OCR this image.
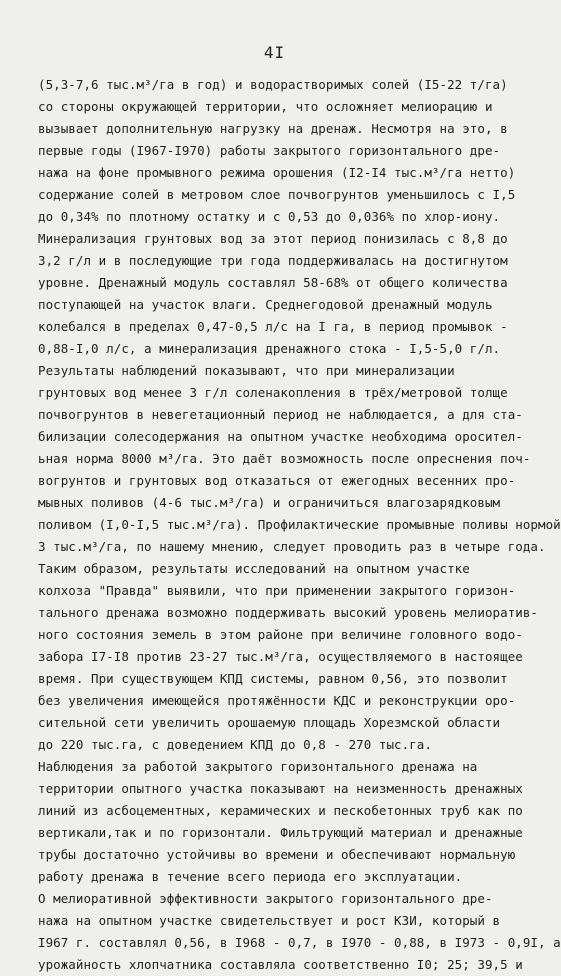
4I
(5,3-7,6 тыс.м³/га в год) и водорастворимых солей (I5-22 т/га)
со стороны окружающей территории, что осложняет мелиорацию и
вызывает дополнительную нагрузку на дренаж. Несмотря на это, в
первые годы (I967-I970) работы закрытого горизонтального дре-
нажа на фоне промывного режима орошения (I2-I4 тыс.м³/га нетто)
содержание солей в метровом слое почвогрунтов уменьшилось с I,5
до 0,34% по плотному остатку и с 0,53 до 0,036% по хлор-иону.
Минерализация грунтовых вод за этот период понизилась с 8,8 до
3,2 г/л и в последующие три года поддерживалась на достигнутом
уровне. Дренажный модуль составлял 58-68% от общего количества
поступающей на участок влаги. Среднегодовой дренажный модуль
колебался в пределах 0,47-0,5 л/с на I га, в период промывок -
0,88-I,0 л/с, а минерализация дренажного стока - I,5-5,0 г/л.
Результаты наблюдений показывают, что при минерализации
грунтовых вод менее 3 г/л соленакопления в трёх/метровой толще
почвогрунтов в невегетационный период не наблюдается, а для ста-
билизации солесодержания на опытном участке необходима оросител-
ьная норма 8000 м³/га. Это даёт возможность после опреснения поч-
вогрунтов и грунтовых вод отказаться от ежегодных весенних про-
мывных поливов (4-6 тыс.м³/га) и ограничиться влагозарядковым
поливом (I,0-I,5 тыс.м³/га). Профилактические промывные поливы нормой
3 тыс.м³/га, по нашему мнению, следует проводить раз в четыре года.
Таким образом, результаты исследований на опытном участке
колхоза "Правда" выявили, что при применении закрытого горизон-
тального дренажа возможно поддерживать высокий уровень мелиоратив-
ного состояния земель в этом районе при величине головного водо-
забора I7-I8 против 23-27 тыс.м³/га, осуществляемого в настоящее
время. При существующем КПД системы, равном 0,56, это позволит
без увеличения имеющейся протяжённости КДС и реконструкции оро-
сительной сети увеличить орошаемую площадь Хорезмской области
до 220 тыс.га, с доведением КПД до 0,8 - 270 тыс.га.
Наблюдения за работой закрытого горизонтального дренажа на
территории опытного участка показывают на неизменность дренажных
линий из асбоцементных, керамических и пескобетонных труб как по
вертикали,так и по горизонтали. Фильтрующий материал и дренажные
трубы достаточно устойчивы во времени и обеспечивают нормальную
работу дренажа в течение всего периода его эксплуатации.
О мелиоративной эффективности закрытого горизонтального дре-
нажа на опытном участке свидетельствует и рост КЗИ, который в
I967 г. составлял 0,56, в I968 - 0,7, в I970 - 0,88, в I973 - 0,9I, а
урожайность хлопчатника составляла соответственно I0; 25; 39,5 и
